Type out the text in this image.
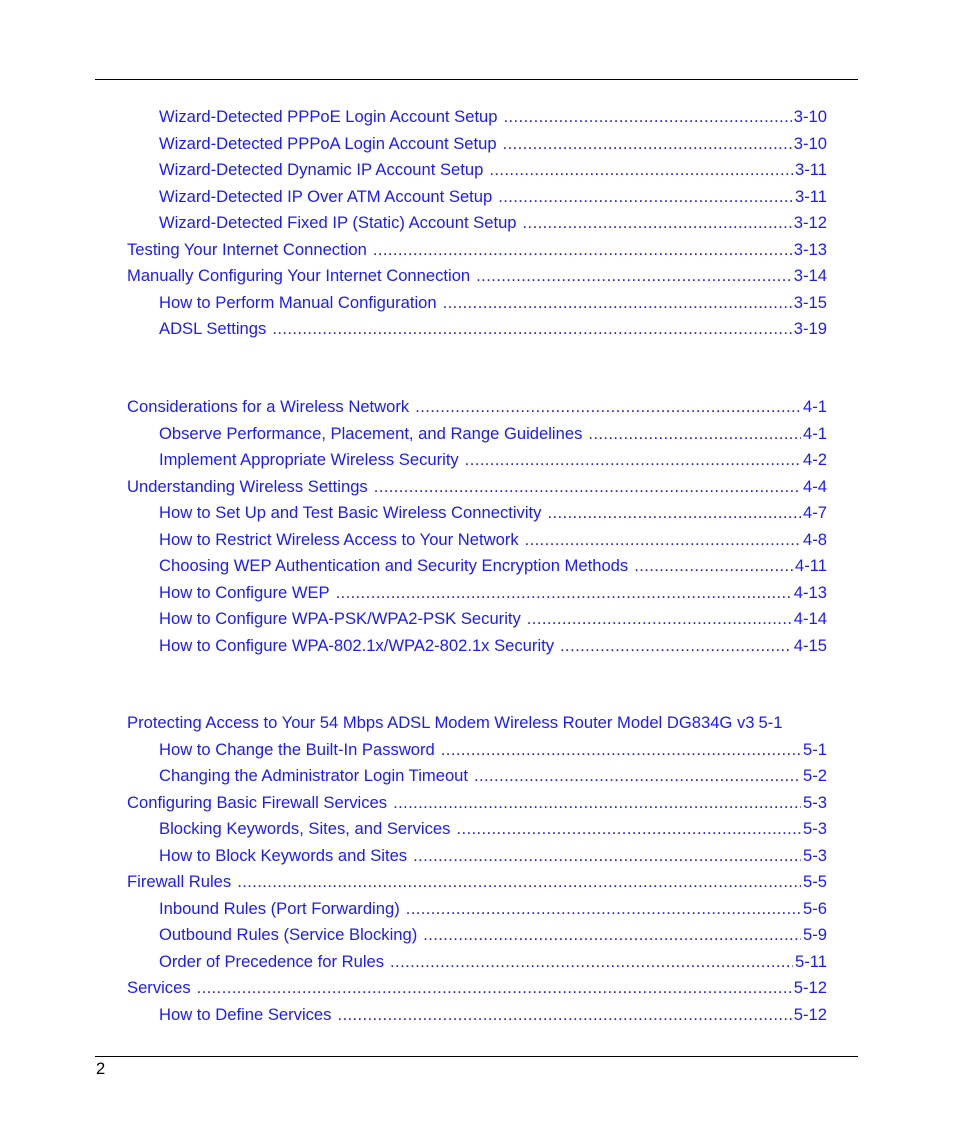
Wizard-Detected PPPoE Login Account Setup .....	3-10
Wizard-Detected PPPoA Login Account Setup .....	3-10
Wizard-Detected Dynamic IP Account Setup .....	3-11
Wizard-Detected IP Over ATM Account Setup .....	3-11
Wizard-Detected Fixed IP (Static) Account Setup .....	3-12
Testing Your Internet Connection .....	3-13
Manually Configuring Your Internet Connection .....	3-14
How to Perform Manual Configuration .....	3-15
ADSL Settings .....	3-19
Considerations for a Wireless Network .....	4-1
Observe Performance, Placement, and Range Guidelines .....	4-1
Implement Appropriate Wireless Security .....	4-2
Understanding Wireless Settings .....	4-4
How to Set Up and Test Basic Wireless Connectivity .....	4-7
How to Restrict Wireless Access to Your Network .....	4-8
Choosing WEP Authentication and Security Encryption Methods .....	4-11
How to Configure WEP .....	4-13
How to Configure WPA-PSK/WPA2-PSK Security .....	4-14
How to Configure WPA-802.1x/WPA2-802.1x Security .....	4-15
Protecting Access to Your 54 Mbps ADSL Modem Wireless Router Model DG834G v3 5-1
How to Change the Built-In Password .....	5-1
Changing the Administrator Login Timeout .....	5-2
Configuring Basic Firewall Services .....	5-3
Blocking Keywords, Sites, and Services .....	5-3
How to Block Keywords and Sites .....	5-3
Firewall Rules .....	5-5
Inbound Rules (Port Forwarding) .....	5-6
Outbound Rules (Service Blocking) .....	5-9
Order of Precedence for Rules .....	5-11
Services .....	5-12
How to Define Services .....	5-12
2
